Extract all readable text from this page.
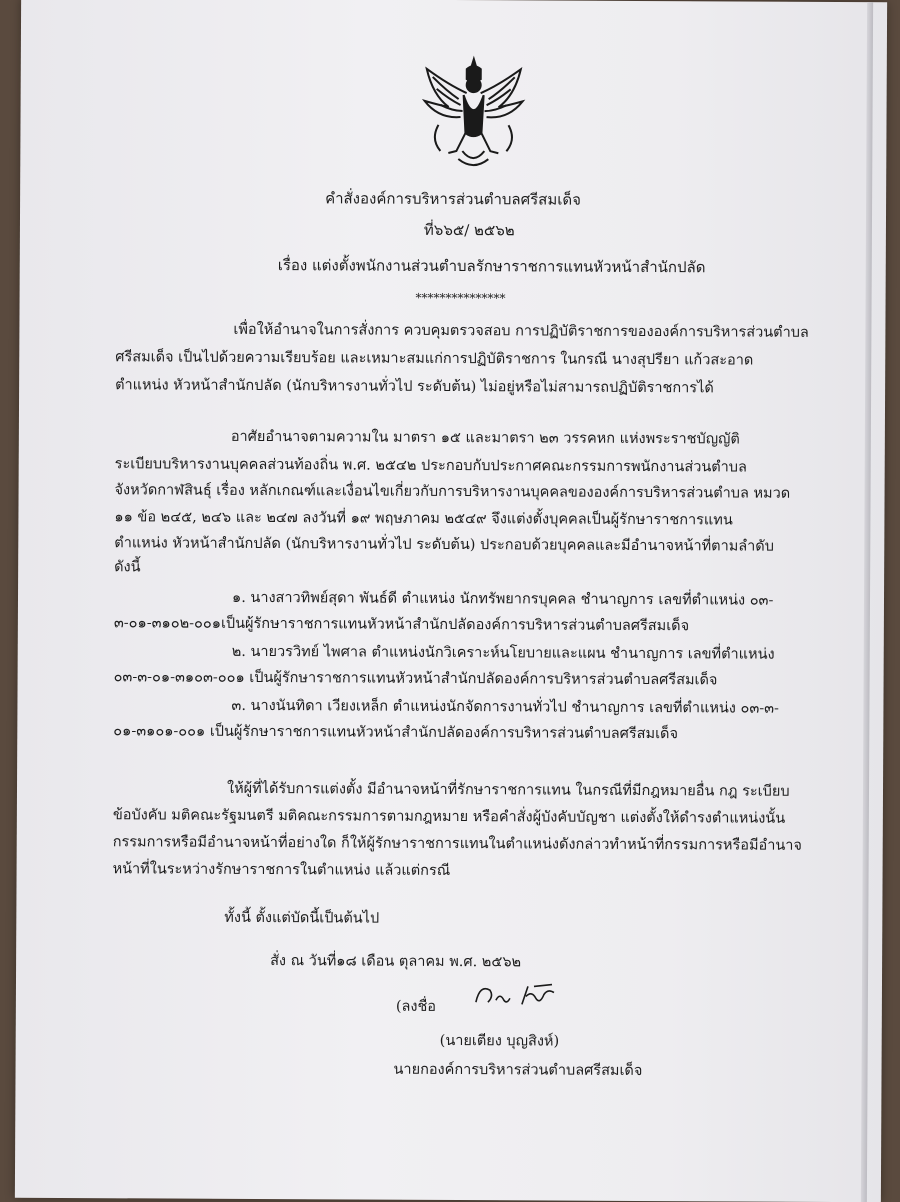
คำสั่งองค์การบริหารส่วนตำบลศรีสมเด็จ
ที่๖๖๕/ ๒๕๖๒
เรื่อง แต่งตั้งพนักงานส่วนตำบลรักษาราชการแทนหัวหน้าสำนักปลัด
***************
เพื่อให้อำนาจในการสั่งการ ควบคุมตรวจสอบ การปฏิบัติราชการขององค์การบริหารส่วนตำบล
ศรีสมเด็จ เป็นไปด้วยความเรียบร้อย และเหมาะสมแก่การปฏิบัติราชการ ในกรณี นางสุปรียา แก้วสะอาด
ตำแหน่ง หัวหน้าสำนักปลัด (นักบริหารงานทั่วไป ระดับต้น) ไม่อยู่หรือไม่สามารถปฏิบัติราชการได้
อาศัยอำนาจตามความใน มาตรา ๑๕ และมาตรา ๒๓ วรรคหก แห่งพระราชบัญญัติ
ระเบียบบริหารงานบุคคลส่วนท้องถิ่น พ.ศ. ๒๕๔๒ ประกอบกับประกาศคณะกรรมการพนักงานส่วนตำบล
จังหวัดกาฬสินธุ์ เรื่อง หลักเกณฑ์และเงื่อนไขเกี่ยวกับการบริหารงานบุคคลขององค์การบริหารส่วนตำบล หมวด
๑๑ ข้อ ๒๔๕, ๒๔๖ และ ๒๔๗ ลงวันที่ ๑๙ พฤษภาคม ๒๕๔๙ จึงแต่งตั้งบุคคลเป็นผู้รักษาราชการแทน
ตำแหน่ง หัวหน้าสำนักปลัด (นักบริหารงานทั่วไป ระดับต้น) ประกอบด้วยบุคคลและมีอำนาจหน้าที่ตามลำดับ
ดังนี้
๑. นางสาวทิพย์สุดา พันธ์ดี ตำแหน่ง นักทรัพยากรบุคคล ชำนาญการ เลขที่ตำแหน่ง ๐๓-
๓-๐๑-๓๑๐๒-๐๐๑เป็นผู้รักษาราชการแทนหัวหน้าสำนักปลัดองค์การบริหารส่วนตำบลศรีสมเด็จ
๒. นายวรวิทย์ ไพศาล ตำแหน่งนักวิเคราะห์นโยบายและแผน ชำนาญการ เลขที่ตำแหน่ง
๐๓-๓-๐๑-๓๑๐๓-๐๐๑ เป็นผู้รักษาราชการแทนหัวหน้าสำนักปลัดองค์การบริหารส่วนตำบลศรีสมเด็จ
๓. นางนันทิดา เวียงเหล็ก ตำแหน่งนักจัดการงานทั่วไป ชำนาญการ เลขที่ตำแหน่ง ๐๓-๓-
๐๑-๓๑๐๑-๐๐๑ เป็นผู้รักษาราชการแทนหัวหน้าสำนักปลัดองค์การบริหารส่วนตำบลศรีสมเด็จ
ให้ผู้ที่ได้รับการแต่งตั้ง มีอำนาจหน้าที่รักษาราชการแทน ในกรณีที่มีกฎหมายอื่น กฎ ระเบียบ
ข้อบังคับ มติคณะรัฐมนตรี มติคณะกรรมการตามกฎหมาย หรือคำสั่งผู้บังคับบัญชา แต่งตั้งให้ดำรงตำแหน่งนั้น
กรรมการหรือมีอำนาจหน้าที่อย่างใด ก็ให้ผู้รักษาราชการแทนในตำแหน่งดังกล่าวทำหน้าที่กรรมการหรือมีอำนาจ
หน้าที่ในระหว่างรักษาราชการในตำแหน่ง แล้วแต่กรณี
ทั้งนี้ ตั้งแต่บัดนี้เป็นต้นไป
สั่ง ณ วันที่๑๘ เดือน ตุลาคม พ.ศ. ๒๕๖๒
(ลงชื่อ
(นายเตียง บุญสิงห์)
นายกองค์การบริหารส่วนตำบลศรีสมเด็จ
